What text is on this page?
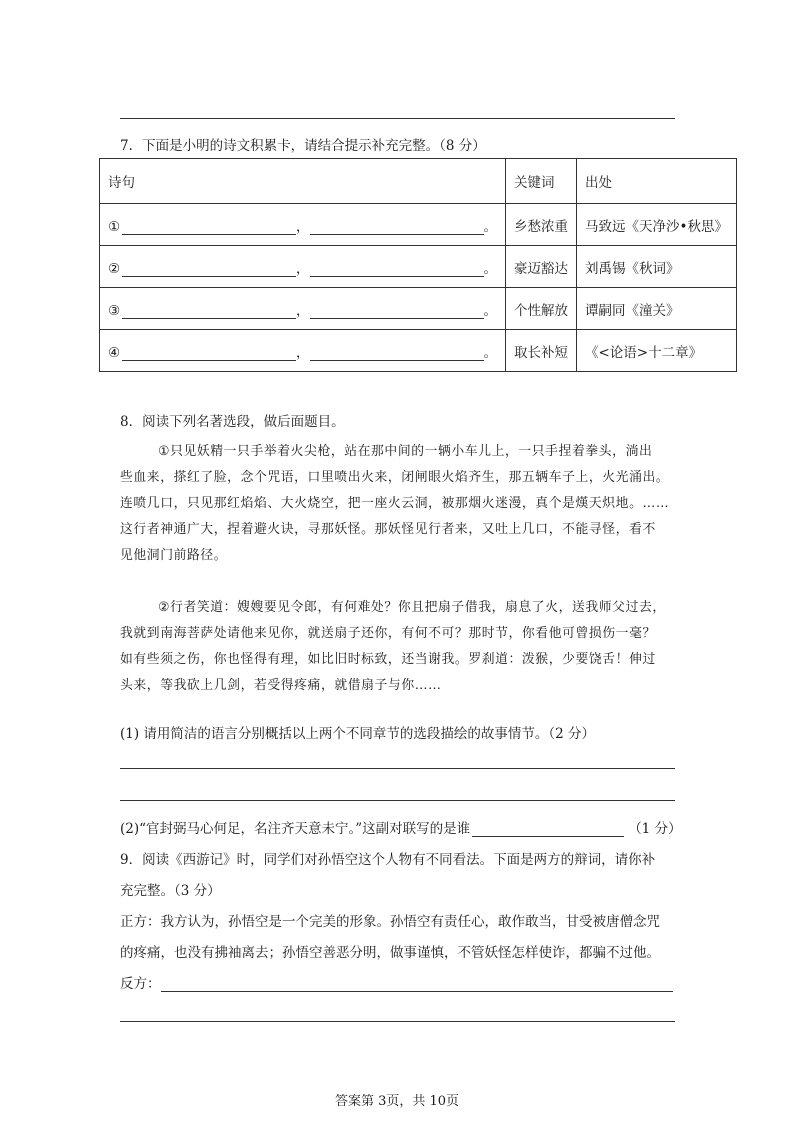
7．下面是小明的诗文积累卡，请结合提示补充完整。（8 分）
诗句	关键词	出处
① ， 。	乡愁浓重	马致远《天净沙•秋思》
② ， 。	豪迈豁达	刘禹锡《秋词》
③ ， 。	个性解放	谭嗣同《潼关》
④ ， 。	取长补短	《<论语>十二章》
8．阅读下列名著选段，做后面题目。
①只见妖精一只手举着火尖枪，站在那中间的一辆小车儿上，一只手捏着拳头，淌出
些血来，搽红了脸，念个咒语，口里喷出火来，闭闸眼火焰齐生，那五辆车子上，火光涌出。
连喷几口，只见那红焰焰、大火烧空，把一座火云洞，被那烟火迷漫，真个是熯天炽地。……
这行者神通广大，捏着避火诀，寻那妖怪。那妖怪见行者来，又吐上几口，不能寻怪，看不
见他洞门前路径。
②行者笑道：嫂嫂要见令郎，有何难处？你且把扇子借我，扇息了火，送我师父过去，
我就到南海菩萨处请他来见你，就送扇子还你，有何不可？那时节，你看他可曾损伤一毫？
如有些须之伤，你也怪得有理，如比旧时标致，还当谢我。罗刹道：泼猴，少要饶舌！伸过
头来，等我砍上几剑，若受得疼痛，就借扇子与你……
(1) 请用简洁的语言分别概括以上两个不同章节的选段描绘的故事情节。（2 分）
(2)“官封弼马心何足，名注齐天意未宁。”这副对联写的是谁	（1 分）
9．阅读《西游记》时，同学们对孙悟空这个人物有不同看法。下面是两方的辩词，请你补
充完整。（3 分）
正方：我方认为，孙悟空是一个完美的形象。孙悟空有责任心，敢作敢当，甘受被唐僧念咒
的疼痛，也没有拂袖离去；孙悟空善恶分明，做事谨慎，不管妖怪怎样使诈，都骗不过他。
反方：
答案第 3页，共 10页
